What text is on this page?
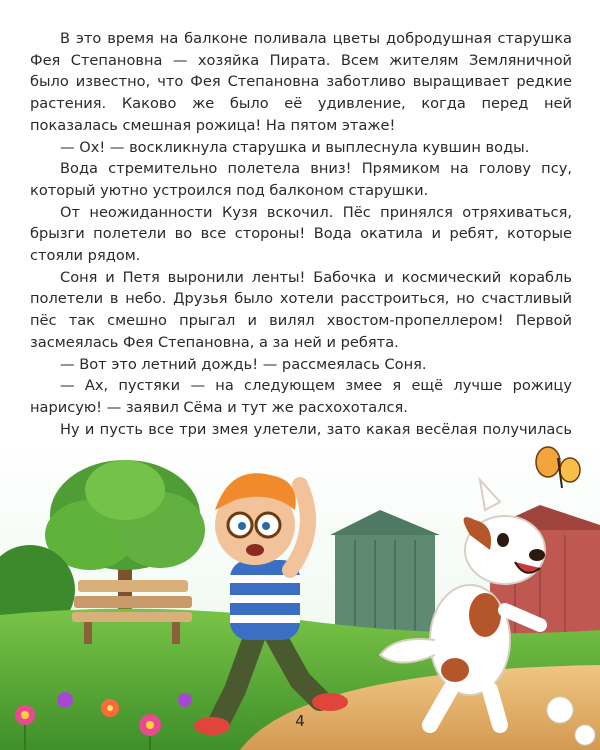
В это время на балконе поливала цветы добродушная старушка Фея Степановна — хозяйка Пирата. Всем жителям Земляничной было известно, что Фея Степановна заботливо выращивает редкие растения. Каково же было её удивление, когда перед ней показалась смешная рожица! На пятом этаже!

— Ох! — воскликнула старушка и выплеснула кувшин воды.

Вода стремительно полетела вниз! Прямиком на голову псу, который уютно устроился под балконом старушки.

От неожиданности Кузя вскочил. Пёс принялся отряхиваться, брызги полетели во все стороны! Вода окатила и ребят, которые стояли рядом.

Соня и Петя выронили ленты! Бабочка и космический корабль полетели в небо. Друзья было хотели расстроиться, но счастливый пёс так смешно прыгал и вилял хвостом-пропеллером! Первой засмеялась Фея Степановна, а за ней и ребята.

— Вот это летний дождь! — рассмеялась Соня.

— Ах, пустяки — на следующем змее я ещё лучше рожицу нарисую! — заявил Сёма и тут же расхохотался.

Ну и пусть все три змея улетели, зато какая весёлая получилась

4
